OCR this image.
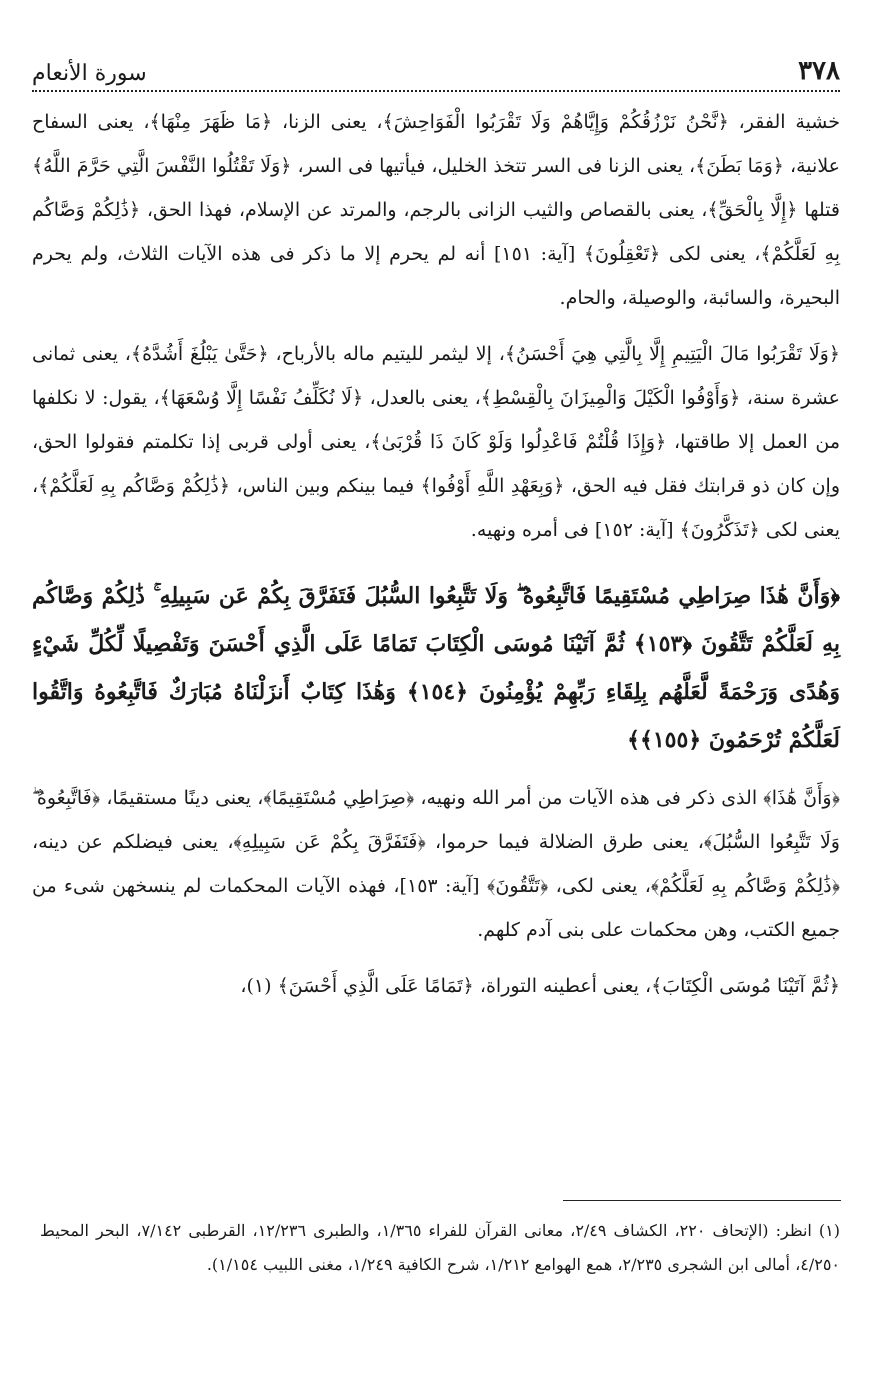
٣٧٨
سورة الأنعام

خشية الفقر، ﴿نَّحْنُ نَرْزُقُكُمْ وَإِيَّاهُمْ وَلَا تَقْرَبُوا الْفَوَاحِشَ﴾، يعنى الزنا، ﴿مَا ظَهَرَ مِنْهَا﴾، يعنى السفاح علانية، ﴿وَمَا بَطَنَ﴾، يعنى الزنا فى السر تتخذ الخليل، فيأتيها فى السر، ﴿وَلَا تَقْتُلُوا النَّفْسَ الَّتِي حَرَّمَ اللَّهُ﴾ قتلها ﴿إِلَّا بِالْحَقِّ﴾، يعنى بالقصاص والثيب الزانى بالرجم، والمرتد عن الإسلام، فهذا الحق، ﴿ذَٰلِكُمْ وَصَّاكُم بِهِ لَعَلَّكُمْ﴾، يعنى لكى ﴿تَعْقِلُونَ﴾ [آية: ١٥١] أنه لم يحرم إلا ما ذكر فى هذه الآيات الثلاث، ولم يحرم البحيرة، والسائبة، والوصيلة، والحام.

﴿وَلَا تَقْرَبُوا مَالَ الْيَتِيمِ إِلَّا بِالَّتِي هِيَ أَحْسَنُ﴾، إلا ليثمر لليتيم ماله بالأرباح، ﴿حَتَّىٰ يَبْلُغَ أَشُدَّهُ﴾، يعنى ثمانى عشرة سنة، ﴿وَأَوْفُوا الْكَيْلَ وَالْمِيزَانَ بِالْقِسْطِ﴾، يعنى بالعدل، ﴿لَا نُكَلِّفُ نَفْسًا إِلَّا وُسْعَهَا﴾، يقول: لا نكلفها من العمل إلا طاقتها، ﴿وَإِذَا قُلْتُمْ فَاعْدِلُوا وَلَوْ كَانَ ذَا قُرْبَىٰ﴾، يعنى أولى قربى إذا تكلمتم فقولوا الحق، وإن كان ذو قرابتك فقل فيه الحق، ﴿وَبِعَهْدِ اللَّهِ أَوْفُوا﴾ فيما بينكم وبين الناس، ﴿ذَٰلِكُمْ وَصَّاكُم بِهِ لَعَلَّكُمْ﴾، يعنى لكى ﴿تَذَكَّرُونَ﴾ [آية: ١٥٢] فى أمره ونهيه.

﴿وَأَنَّ هَٰذَا صِرَاطِي مُسْتَقِيمًا فَاتَّبِعُوهُ ۖ وَلَا تَتَّبِعُوا السُّبُلَ فَتَفَرَّقَ بِكُمْ عَن سَبِيلِهِ ۚ ذَٰلِكُمْ وَصَّاكُم بِهِ لَعَلَّكُمْ تَتَّقُونَ ﴿١٥٣﴾ ثُمَّ آتَيْنَا مُوسَى الْكِتَابَ تَمَامًا عَلَى الَّذِي أَحْسَنَ وَتَفْصِيلًا لِّكُلِّ شَيْءٍ وَهُدًى وَرَحْمَةً لَّعَلَّهُم بِلِقَاءِ رَبِّهِمْ يُؤْمِنُونَ ﴿١٥٤﴾ وَهَٰذَا كِتَابٌ أَنزَلْنَاهُ مُبَارَكٌ فَاتَّبِعُوهُ وَاتَّقُوا لَعَلَّكُمْ تُرْحَمُونَ ﴿١٥٥﴾﴾

﴿وَأَنَّ هَٰذَا﴾ الذى ذكر فى هذه الآيات من أمر الله ونهيه، ﴿صِرَاطِي مُسْتَقِيمًا﴾، يعنى دينًا مستقيمًا، ﴿فَاتَّبِعُوهُ ۖ وَلَا تَتَّبِعُوا السُّبُلَ﴾، يعنى طرق الضلالة فيما حرموا، ﴿فَتَفَرَّقَ بِكُمْ عَن سَبِيلِهِ﴾، يعنى فيضلكم عن دينه، ﴿ذَٰلِكُمْ وَصَّاكُم بِهِ لَعَلَّكُمْ﴾، يعنى لكى، ﴿تَتَّقُونَ﴾ [آية: ١٥٣]، فهذه الآيات المحكمات لم ينسخهن شىء من جميع الكتب، وهن محكمات على بنى آدم كلهم.

﴿ثُمَّ آتَيْنَا مُوسَى الْكِتَابَ﴾، يعنى أعطينه التوراة، ﴿تَمَامًا عَلَى الَّذِي أَحْسَنَ﴾ (١)،

(١) انظر: (الإتحاف ٢٢٠، الكشاف ٢/٤٩، معانى القرآن للفراء ١/٣٦٥، والطبرى ١٢/٢٣٦، القرطبى ٧/١٤٢، البحر المحيط ٤/٢٥٠، أمالى ابن الشجرى ٢/٢٣٥، همع الهوامع ١/٢١٢، شرح الكافية ١/٢٤٩، مغنى اللبيب ١/١٥٤).
